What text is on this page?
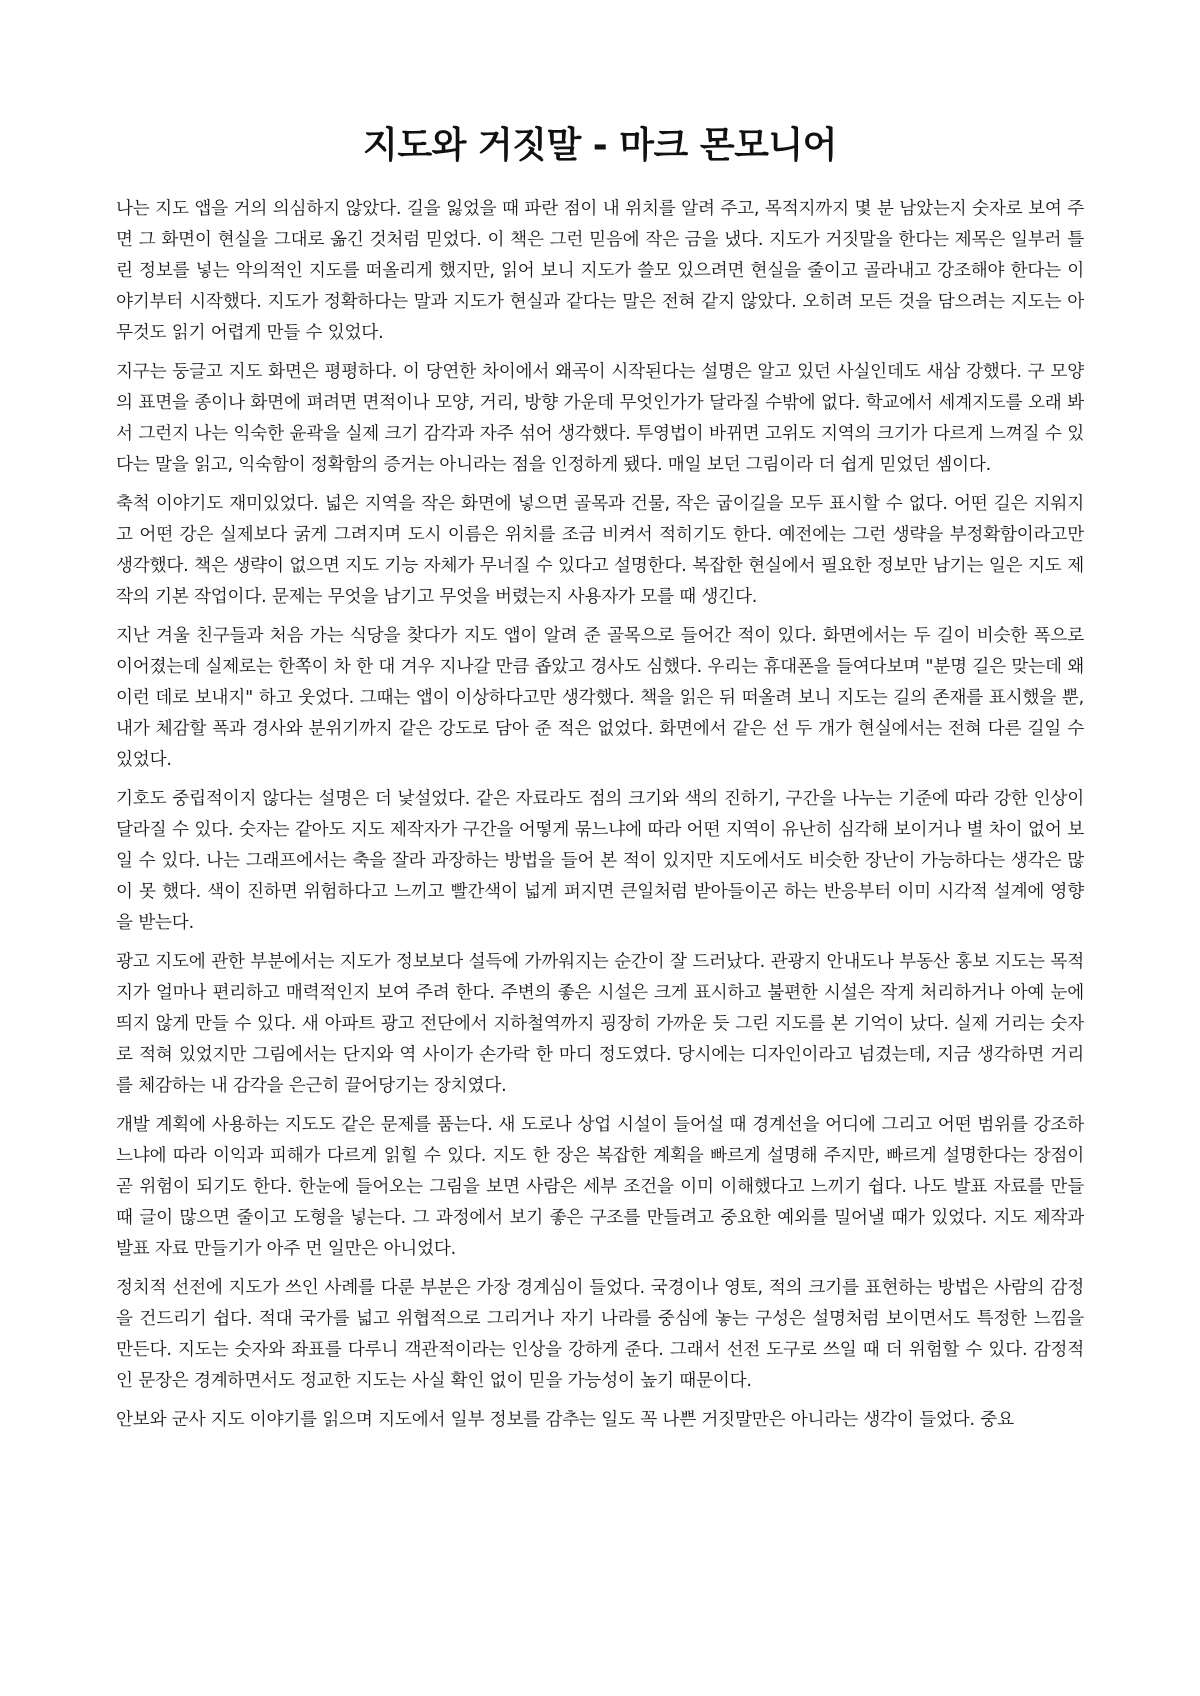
지도와 거짓말 - 마크 몬모니어

나는 지도 앱을 거의 의심하지 않았다. 길을 잃었을 때 파란 점이 내 위치를 알려 주고, 목적지까지 몇 분 남았는지 숫자로 보여 주면 그 화면이 현실을 그대로 옮긴 것처럼 믿었다. 이 책은 그런 믿음에 작은 금을 냈다. 지도가 거짓말을 한다는 제목은 일부러 틀린 정보를 넣는 악의적인 지도를 떠올리게 했지만, 읽어 보니 지도가 쓸모 있으려면 현실을 줄이고 골라내고 강조해야 한다는 이야기부터 시작했다. 지도가 정확하다는 말과 지도가 현실과 같다는 말은 전혀 같지 않았다. 오히려 모든 것을 담으려는 지도는 아무것도 읽기 어렵게 만들 수 있었다.

지구는 둥글고 지도 화면은 평평하다. 이 당연한 차이에서 왜곡이 시작된다는 설명은 알고 있던 사실인데도 새삼 강했다. 구 모양의 표면을 종이나 화면에 펴려면 면적이나 모양, 거리, 방향 가운데 무엇인가가 달라질 수밖에 없다. 학교에서 세계지도를 오래 봐서 그런지 나는 익숙한 윤곽을 실제 크기 감각과 자주 섞어 생각했다. 투영법이 바뀌면 고위도 지역의 크기가 다르게 느껴질 수 있다는 말을 읽고, 익숙함이 정확함의 증거는 아니라는 점을 인정하게 됐다. 매일 보던 그림이라 더 쉽게 믿었던 셈이다.

축척 이야기도 재미있었다. 넓은 지역을 작은 화면에 넣으면 골목과 건물, 작은 굽이길을 모두 표시할 수 없다. 어떤 길은 지워지고 어떤 강은 실제보다 굵게 그려지며 도시 이름은 위치를 조금 비켜서 적히기도 한다. 예전에는 그런 생략을 부정확함이라고만 생각했다. 책은 생략이 없으면 지도 기능 자체가 무너질 수 있다고 설명한다. 복잡한 현실에서 필요한 정보만 남기는 일은 지도 제작의 기본 작업이다. 문제는 무엇을 남기고 무엇을 버렸는지 사용자가 모를 때 생긴다.

지난 겨울 친구들과 처음 가는 식당을 찾다가 지도 앱이 알려 준 골목으로 들어간 적이 있다. 화면에서는 두 길이 비슷한 폭으로 이어졌는데 실제로는 한쪽이 차 한 대 겨우 지나갈 만큼 좁았고 경사도 심했다. 우리는 휴대폰을 들여다보며 "분명 길은 맞는데 왜 이런 데로 보내지" 하고 웃었다. 그때는 앱이 이상하다고만 생각했다. 책을 읽은 뒤 떠올려 보니 지도는 길의 존재를 표시했을 뿐, 내가 체감할 폭과 경사와 분위기까지 같은 강도로 담아 준 적은 없었다. 화면에서 같은 선 두 개가 현실에서는 전혀 다른 길일 수 있었다.

기호도 중립적이지 않다는 설명은 더 낯설었다. 같은 자료라도 점의 크기와 색의 진하기, 구간을 나누는 기준에 따라 강한 인상이 달라질 수 있다. 숫자는 같아도 지도 제작자가 구간을 어떻게 묶느냐에 따라 어떤 지역이 유난히 심각해 보이거나 별 차이 없어 보일 수 있다. 나는 그래프에서는 축을 잘라 과장하는 방법을 들어 본 적이 있지만 지도에서도 비슷한 장난이 가능하다는 생각은 많이 못 했다. 색이 진하면 위험하다고 느끼고 빨간색이 넓게 퍼지면 큰일처럼 받아들이곤 하는 반응부터 이미 시각적 설계에 영향을 받는다.

광고 지도에 관한 부분에서는 지도가 정보보다 설득에 가까워지는 순간이 잘 드러났다. 관광지 안내도나 부동산 홍보 지도는 목적지가 얼마나 편리하고 매력적인지 보여 주려 한다. 주변의 좋은 시설은 크게 표시하고 불편한 시설은 작게 처리하거나 아예 눈에 띄지 않게 만들 수 있다. 새 아파트 광고 전단에서 지하철역까지 굉장히 가까운 듯 그린 지도를 본 기억이 났다. 실제 거리는 숫자로 적혀 있었지만 그림에서는 단지와 역 사이가 손가락 한 마디 정도였다. 당시에는 디자인이라고 넘겼는데, 지금 생각하면 거리를 체감하는 내 감각을 은근히 끌어당기는 장치였다.

개발 계획에 사용하는 지도도 같은 문제를 품는다. 새 도로나 상업 시설이 들어설 때 경계선을 어디에 그리고 어떤 범위를 강조하느냐에 따라 이익과 피해가 다르게 읽힐 수 있다. 지도 한 장은 복잡한 계획을 빠르게 설명해 주지만, 빠르게 설명한다는 장점이 곧 위험이 되기도 한다. 한눈에 들어오는 그림을 보면 사람은 세부 조건을 이미 이해했다고 느끼기 쉽다. 나도 발표 자료를 만들 때 글이 많으면 줄이고 도형을 넣는다. 그 과정에서 보기 좋은 구조를 만들려고 중요한 예외를 밀어낼 때가 있었다. 지도 제작과 발표 자료 만들기가 아주 먼 일만은 아니었다.

정치적 선전에 지도가 쓰인 사례를 다룬 부분은 가장 경계심이 들었다. 국경이나 영토, 적의 크기를 표현하는 방법은 사람의 감정을 건드리기 쉽다. 적대 국가를 넓고 위협적으로 그리거나 자기 나라를 중심에 놓는 구성은 설명처럼 보이면서도 특정한 느낌을 만든다. 지도는 숫자와 좌표를 다루니 객관적이라는 인상을 강하게 준다. 그래서 선전 도구로 쓰일 때 더 위험할 수 있다. 감정적인 문장은 경계하면서도 정교한 지도는 사실 확인 없이 믿을 가능성이 높기 때문이다.

안보와 군사 지도 이야기를 읽으며 지도에서 일부 정보를 감추는 일도 꼭 나쁜 거짓말만은 아니라는 생각이 들었다. 중요
